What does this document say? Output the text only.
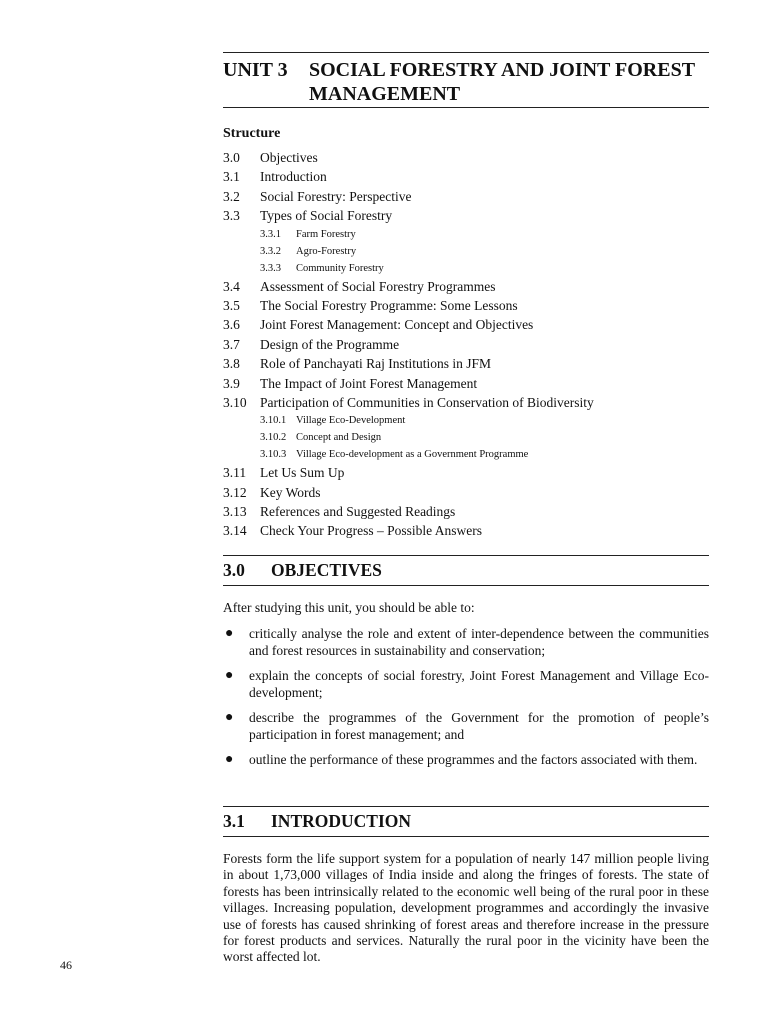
UNIT 3 SOCIAL FORESTRY AND JOINT FOREST MANAGEMENT
Structure
3.0 Objectives
3.1 Introduction
3.2 Social Forestry: Perspective
3.3 Types of Social Forestry
3.3.1 Farm Forestry
3.3.2 Agro-Forestry
3.3.3 Community Forestry
3.4 Assessment of Social Forestry Programmes
3.5 The Social Forestry Programme: Some Lessons
3.6 Joint Forest Management: Concept and Objectives
3.7 Design of the Programme
3.8 Role of Panchayati Raj Institutions in JFM
3.9 The Impact of Joint Forest Management
3.10 Participation of Communities in Conservation of Biodiversity
3.10.1 Village Eco-Development
3.10.2 Concept and Design
3.10.3 Village Eco-development as a Government Programme
3.11 Let Us Sum Up
3.12 Key Words
3.13 References and Suggested Readings
3.14 Check Your Progress – Possible Answers
3.0 OBJECTIVES
After studying this unit, you should be able to:
● critically analyse the role and extent of inter-dependence between the communities and forest resources in sustainability and conservation;
● explain the concepts of social forestry, Joint Forest Management and Village Eco-development;
● describe the programmes of the Government for the promotion of people’s participation in forest management; and
● outline the performance of these programmes and the factors associated with them.
3.1 INTRODUCTION
Forests form the life support system for a population of nearly 147 million people living in about 1,73,000 villages of India inside and along the fringes of forests. The state of forests has been intrinsically related to the economic well being of the rural poor in these villages. Increasing population, development programmes and accordingly the invasive use of forests has caused shrinking of forest areas and therefore increase in the pressure for forest products and services. Naturally the rural poor in the vicinity have been the worst affected lot.
46
